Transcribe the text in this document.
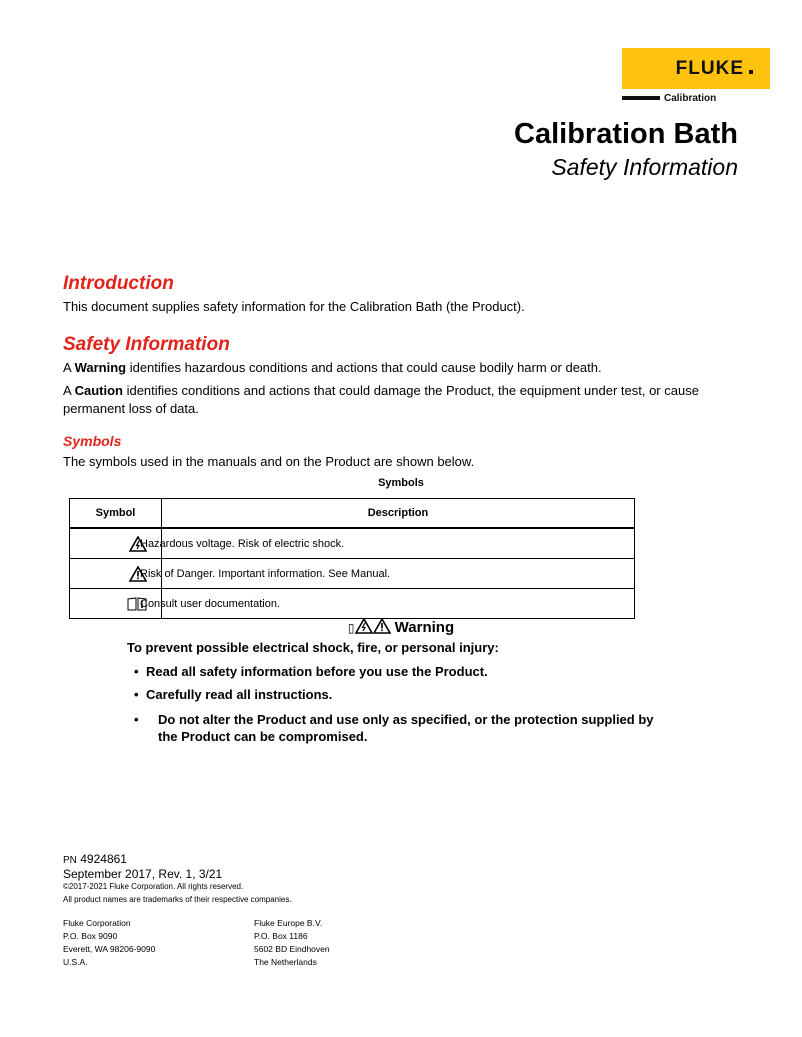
FLUKE
Calibration
Calibration Bath
Safety Information
Introduction
This document supplies safety information for the Calibration Bath (the Product).
Safety Information
A Warning identifies hazardous conditions and actions that could cause bodily harm or death.
A Caution identifies conditions and actions that could damage the Product, the equipment under test, or cause permanent loss of data.
Symbols
The symbols used in the manuals and on the Product are shown below.
Symbols
Symbol	Description
	Hazardous voltage. Risk of electric shock.
	Risk of Danger. Important information. See Manual.
	Consult user documentation.
▯	Warning
To prevent possible electrical shock, fire, or personal injury:
• Read all safety information before you use the Product.
• Carefully read all instructions.
• Do not alter the Product and use only as specified, or the protection supplied by
the Product can be compromised.
PN 4924861
September 2017, Rev. 1, 3/21
©2017-2021 Fluke Corporation. All rights reserved.
All product names are trademarks of their respective companies.
Fluke Corporation
P.O. Box 9090
Everett, WA 98206-9090
U.S.A.
Fluke Europe B.V.
P.O. Box 1186
5602 BD Eindhoven
The Netherlands
